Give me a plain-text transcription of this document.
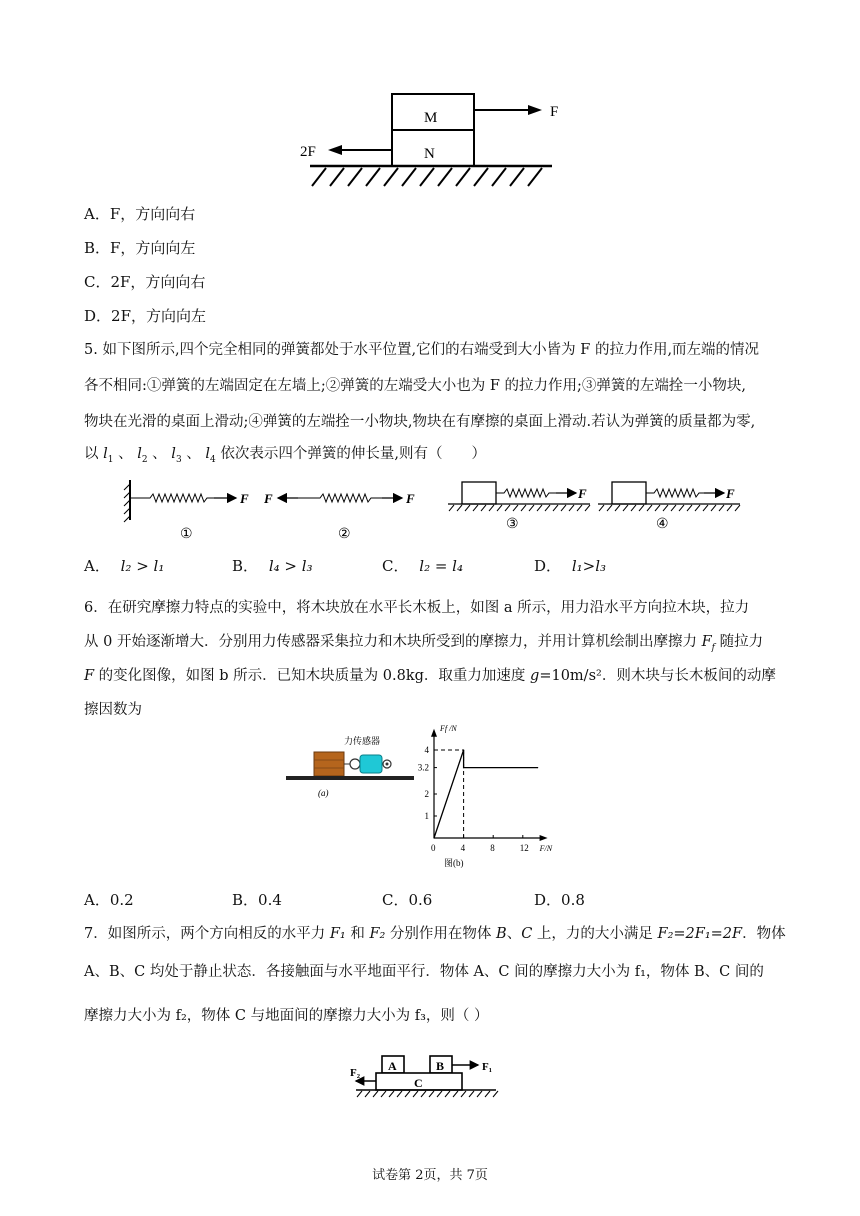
M
N
F
2F
A．F，方向向右
B．F，方向向左
C．2F，方向向右
D．2F，方向向左
5. 如下图所示,四个完全相同的弹簧都处于水平位置,它们的右端受到大小皆为 F 的拉力作用,而左端的情况
各不相同:①弹簧的左端固定在左墙上;②弹簧的左端受大小也为 F 的拉力作用;③弹簧的左端拴一小物块,
物块在光滑的桌面上滑动;④弹簧的左端拴一小物块,物块在有摩擦的桌面上滑动.若认为弹簧的质量都为零,
以 $l_1$ 、 $l_2$ 、 $l_3$ 、 $l_4$ 依次表示四个弹簧的伸长量,则有（　　）
F
①
F	F
②
F
③
F
④
A． l₂ > l₁	B． l₄ > l₃	C． l₂ = l₄	D． l₁>l₃
6．在研究摩擦力特点的实验中，将木块放在水平长木板上，如图 a 所示，用力沿水平方向拉木块，拉力
从 0 开始逐渐增大．分别用力传感器采集拉力和木块所受到的摩擦力，并用计算机绘制出摩擦力 $F_f$ 随拉力
F 的变化图像，如图 b 所示．已知木块质量为 0.8kg．取重力加速度 g=10m/s²．则木块与长木板间的动摩
擦因数为
力传感器
(a)
Ff /N
F/N
0	4	8	12
1
2
3.2
4
图(b)
A．0.2	B．0.4	C．0.6	D．0.8
7．如图所示，两个方向相反的水平力 F₁ 和 F₂ 分别作用在物体 B、C 上，力的大小满足 F₂=2F₁=2F．物体
A、B、C 均处于静止状态．各接触面与水平地面平行．物体 A、C 间的摩擦力大小为 f₁，物体 B、C 间的
摩擦力大小为 f₂，物体 C 与地面间的摩擦力大小为 f₃，则（ ）
A	B
C
F₁
F₂
试卷第 2页，共 7页
